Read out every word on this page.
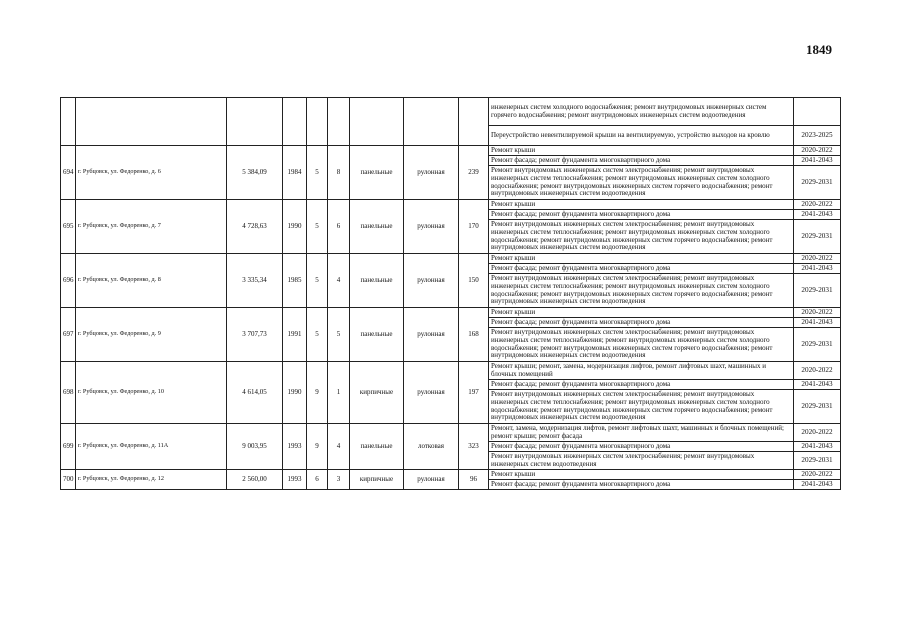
1849
									инженерных систем холодного водоснабжения; ремонт внутридомовых инженерных систем горячего водоснабжения; ремонт внутридомовых инженерных систем водоотведения	
									Переустройство невентилируемой крыши на вентилируемую, устройство выходов на кровлю	2023-2025
694	г. Рубцовск, ул. Федоренко, д. 6	5 384,09	1984	5	8	панельные	рулонная	239	Ремонт крыши	2020-2022
									Ремонт фасада; ремонт фундамента многоквартирного дома	2041-2043
									Ремонт внутридомовых инженерных систем электроснабжения; ремонт внутридомовых инженерных систем теплоснабжения; ремонт внутридомовых инженерных систем холодного водоснабжения; ремонт внутридомовых инженерных систем горячего водоснабжения; ремонт внутридомовых инженерных систем водоотведения	2029-2031
695	г. Рубцовск, ул. Федоренко, д. 7	4 728,63	1990	5	6	панельные	рулонная	170	Ремонт крыши	2020-2022
									Ремонт фасада; ремонт фундамента многоквартирного дома	2041-2043
									Ремонт внутридомовых инженерных систем электроснабжения; ремонт внутридомовых инженерных систем теплоснабжения; ремонт внутридомовых инженерных систем холодного водоснабжения; ремонт внутридомовых инженерных систем горячего водоснабжения; ремонт внутридомовых инженерных систем водоотведения	2029-2031
696	г. Рубцовск, ул. Федоренко, д. 8	3 335,34	1985	5	4	панельные	рулонная	150	Ремонт крыши	2020-2022
									Ремонт фасада; ремонт фундамента многоквартирного дома	2041-2043
									Ремонт внутридомовых инженерных систем электроснабжения; ремонт внутридомовых инженерных систем теплоснабжения; ремонт внутридомовых инженерных систем холодного водоснабжения; ремонт внутридомовых инженерных систем горячего водоснабжения; ремонт внутридомовых инженерных систем водоотведения	2029-2031
697	г. Рубцовск, ул. Федоренко, д. 9	3 707,73	1991	5	5	панельные	рулонная	168	Ремонт крыши	2020-2022
									Ремонт фасада; ремонт фундамента многоквартирного дома	2041-2043
									Ремонт внутридомовых инженерных систем электроснабжения; ремонт внутридомовых инженерных систем теплоснабжения; ремонт внутридомовых инженерных систем холодного водоснабжения; ремонт внутридомовых инженерных систем горячего водоснабжения; ремонт внутридомовых инженерных систем водоотведения	2029-2031
698	г. Рубцовск, ул. Федоренко, д. 10	4 614,05	1990	9	1	кирпичные	рулонная	197	Ремонт крыши; ремонт, замена, модернизация лифтов, ремонт лифтовых шахт, машинных и блочных помещений	2020-2022
									Ремонт фасада; ремонт фундамента многоквартирного дома	2041-2043
									Ремонт внутридомовых инженерных систем электроснабжения; ремонт внутридомовых инженерных систем теплоснабжения; ремонт внутридомовых инженерных систем холодного водоснабжения; ремонт внутридомовых инженерных систем горячего водоснабжения; ремонт внутридомовых инженерных систем водоотведения	2029-2031
699	г. Рубцовск, ул. Федоренко, д. 11А	9 003,95	1993	9	4	панельные	лотковая	323	Ремонт, замена, модернизация лифтов, ремонт лифтовых шахт, машинных и блочных помещений; ремонт крыши; ремонт фасада	2020-2022
									Ремонт фасада; ремонт фундамента многоквартирного дома	2041-2043
									Ремонт внутридомовых инженерных систем электроснабжения; ремонт внутридомовых инженерных систем водоотведения	2029-2031
700	г. Рубцовск, ул. Федоренко, д. 12	2 560,00	1993	6	3	кирпичные	рулонная	96	Ремонт крыши	2020-2022
									Ремонт фасада; ремонт фундамента многоквартирного дома	2041-2043
